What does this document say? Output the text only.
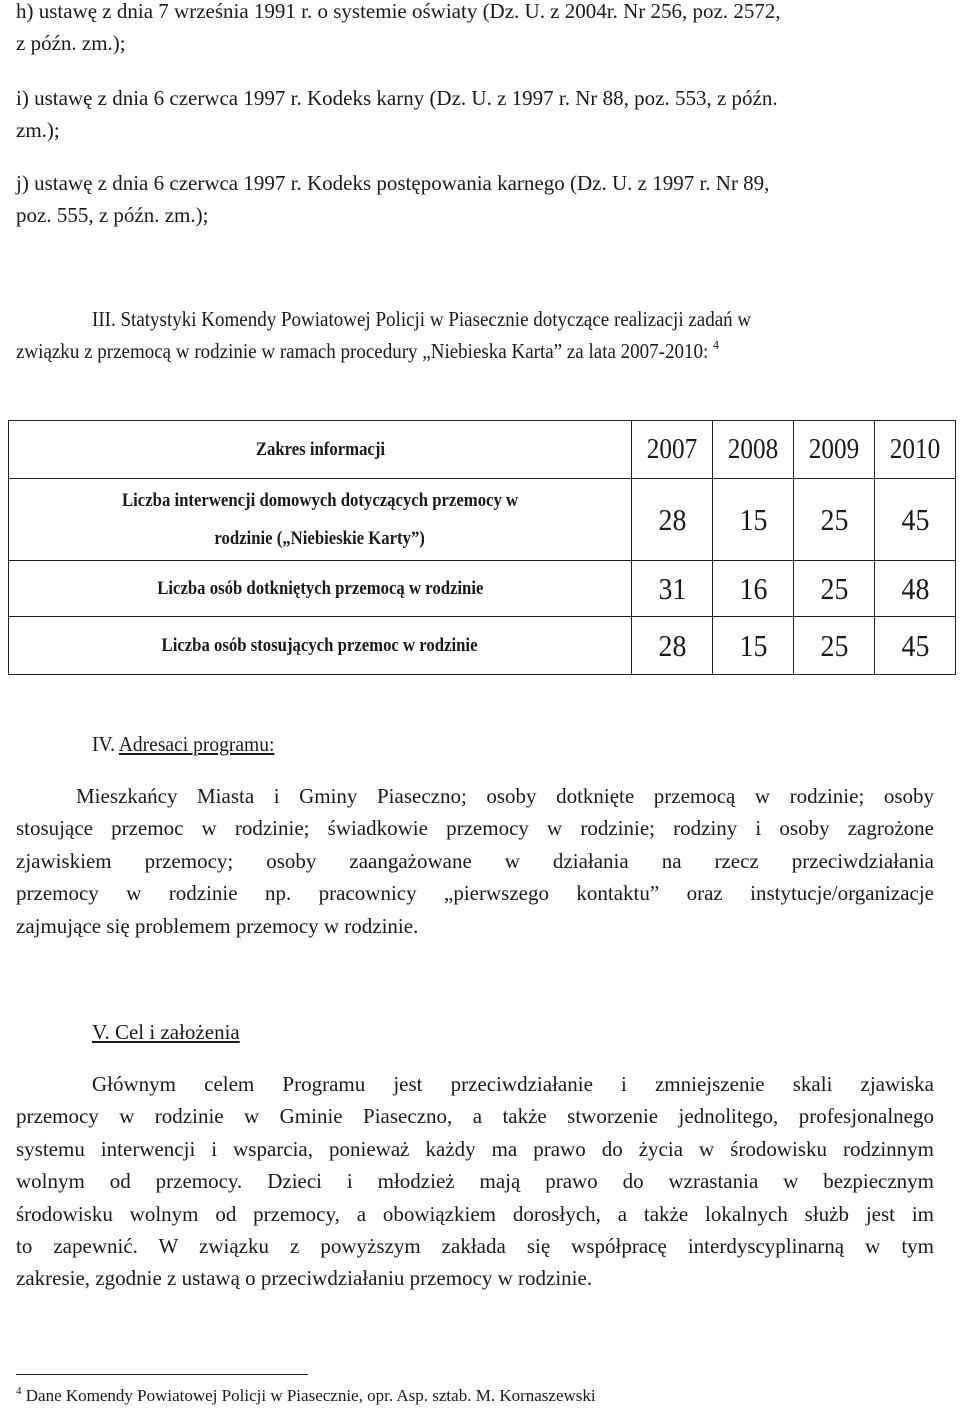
h) ustawę z dnia 7 września 1991 r. o systemie oświaty (Dz. U. z 2004r. Nr 256, poz. 2572,
z późn. zm.);
i) ustawę z dnia 6 czerwca 1997 r. Kodeks karny (Dz. U. z 1997 r. Nr 88, poz. 553, z późn.
zm.);
j) ustawę z dnia 6 czerwca 1997 r. Kodeks postępowania karnego (Dz. U. z 1997 r. Nr 89,
poz. 555, z późn. zm.);
III. Statystyki Komendy Powiatowej Policji w Piasecznie dotyczące realizacji zadań w
związku z przemocą w rodzinie w ramach procedury „Niebieska Karta” za lata 2007-2010: $^4$
Zakres informacji	2007	2008	2009	2010
Liczba interwencji domowych dotyczących przemocy w
rodzinie („Niebieskie Karty”)	28	15	25	45
Liczba osób dotkniętych przemocą w rodzinie	31	16	25	48
Liczba osób stosujących przemoc w rodzinie	28	15	25	45
IV. Adresaci programu:
Mieszkańcy Miasta i Gminy Piaseczno; osoby dotknięte przemocą w rodzinie; osoby
stosujące przemoc w rodzinie; świadkowie przemocy w rodzinie; rodziny i osoby zagrożone
zjawiskiem przemocy; osoby zaangażowane w działania na rzecz przeciwdziałania
przemocy w rodzinie np. pracownicy „pierwszego kontaktu” oraz instytucje/organizacje
zajmujące się problemem przemocy w rodzinie.
V. Cel i założenia
Głównym celem Programu jest przeciwdziałanie i zmniejszenie skali zjawiska
przemocy w rodzinie w Gminie Piaseczno, a także stworzenie jednolitego, profesjonalnego
systemu interwencji i wsparcia, ponieważ każdy ma prawo do życia w środowisku rodzinnym
wolnym od przemocy. Dzieci i młodzież mają prawo do wzrastania w bezpiecznym
środowisku wolnym od przemocy, a obowiązkiem dorosłych, a także lokalnych służb jest im
to zapewnić. W związku z powyższym zakłada się współpracę interdyscyplinarną w tym
zakresie, zgodnie z ustawą o przeciwdziałaniu przemocy w rodzinie.
$^4$ Dane Komendy Powiatowej Policji w Piasecznie, opr. Asp. sztab. M. Kornaszewski
